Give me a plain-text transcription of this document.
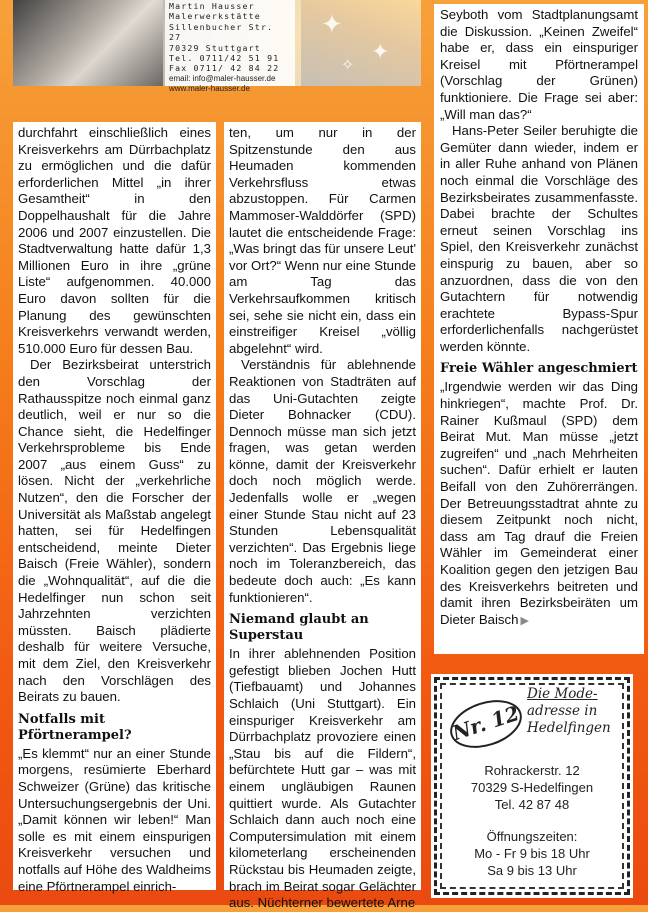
✦
✦
✧
Martin Hausser
Malerwerkstätte
Sillenbucher Str. 27
70329 Stuttgart
Tel. 0711/42 51 91
Fax 0711/ 42 84 22
email: info@maler-hausser.de
www.maler-hausser.de

durchfahrt einschließlich eines Kreisverkehrs am Dürrbachplatz zu ermöglichen und die dafür erforderlichen Mittel „in ihrer Gesamtheit“ in den Doppelhaushalt für die Jahre 2006 und 2007 einzustellen. Die Stadtverwaltung hatte dafür 1,3 Millionen Euro in ihre „grüne Liste“ aufgenommen. 40.000 Euro davon sollten für die Planung des gewünschten Kreisverkehrs verwandt werden, 510.000 Euro für dessen Bau.

Der Bezirksbeirat unterstrich den Vorschlag der Rathausspitze noch einmal ganz deutlich, weil er nur so die Chance sieht, die Hedelfinger Verkehrsprobleme bis Ende 2007 „aus einem Guss“ zu lösen. Nicht der „verkehrliche Nutzen“, den die Forscher der Universität als Maßstab angelegt hatten, sei für Hedelfingen entscheidend, meinte Dieter Baisch (Freie Wähler), sondern die „Wohnqualität“, auf die die Hedelfinger nun schon seit Jahrzehnten verzichten müssten. Baisch plädierte deshalb für weitere Versuche, mit dem Ziel, den Kreisverkehr nach den Vorschlägen des Beirats zu bauen.

Notfalls mit Pförtnerampel?

„Es klemmt“ nur an einer Stunde morgens, resümierte Eberhard Schweizer (Grüne) das kritische Untersuchungsergebnis der Uni. „Damit können wir leben!“ Man solle es mit einem einspurigen Kreisverkehr versuchen und notfalls auf Höhe des Waldheims eine Pförtnerampel einrich-

ten, um nur in der Spitzenstunde den aus Heumaden kommenden Verkehrsfluss etwas abzustoppen. Für Carmen Mammoser-Walddörfer (SPD) lautet die entscheidende Frage: „Was bringt das für unsere Leut' vor Ort?“ Wenn nur eine Stunde am Tag das Verkehrsaufkommen kritisch sei, sehe sie nicht ein, dass ein einstreifiger Kreisel „völlig abgelehnt“ wird.

Verständnis für ablehnende Reaktionen von Stadträten auf das Uni-Gutachten zeigte Dieter Bohnacker (CDU). Dennoch müsse man sich jetzt fragen, was getan werden könne, damit der Kreisverkehr doch noch möglich werde. Jedenfalls wolle er „wegen einer Stunde Stau nicht auf 23 Stunden Lebensqualität verzichten“. Das Ergebnis liege noch im Toleranzbereich, das bedeute doch auch: „Es kann funktionieren“.

Niemand glaubt an Superstau

In ihrer ablehnenden Position gefestigt blieben Jochen Hutt (Tiefbauamt) und Johannes Schlaich (Uni Stuttgart). Ein einspuriger Kreisverkehr am Dürrbachplatz provoziere einen „Stau bis auf die Fildern“, befürchtete Hutt gar – was mit einem ungläubigen Raunen quittiert wurde. Als Gutachter Schlaich dann auch noch eine Computersimulation mit einem kilometerlang erscheinenden Rückstau bis Heumaden zeigte, brach im Beirat sogar Gelächter aus. Nüchterner bewertete Arne

Seyboth vom Stadtplanungsamt die Diskussion. „Keinen Zweifel“ habe er, dass ein einspuriger Kreisel mit Pförtnerampel (Vorschlag der Grünen) funktioniere. Die Frage sei aber: „Will man das?“

Hans-Peter Seiler beruhigte die Gemüter dann wieder, indem er in aller Ruhe anhand von Plänen noch einmal die Vorschläge des Bezirksbeirates zusammenfasste. Dabei brachte der Schultes erneut seinen Vorschlag ins Spiel, den Kreisverkehr zunächst einspurig zu bauen, aber so anzuordnen, dass die von den Gutachtern für notwendig erachtete Bypass-Spur erforderlichenfalls nachgerüstet werden könnte.

Freie Wähler angeschmiert

„Irgendwie werden wir das Ding hinkriegen“, machte Prof. Dr. Rainer Kußmaul (SPD) dem Beirat Mut. Man müsse „jetzt zugreifen“ und „nach Mehrheiten suchen“. Dafür erhielt er lauten Beifall von den Zuhörerrängen. Der Betreuungsstadtrat ahnte zu diesem Zeitpunkt noch nicht, dass am Tag drauf die Freien Wähler im Gemeinderat einer Koalition gegen den jetzigen Bau des Kreisverkehrs beitreten und damit ihren Bezirksbeiräten um Dieter Baisch ▶

Nr. 12
Die Mode-
adresse in
Hedelfingen
Rohrackerstr. 12
70329 S-Hedelfingen
Tel. 42 87 48
Öffnungszeiten:
Mo - Fr 9 bis 18 Uhr
Sa 9 bis 13 Uhr
